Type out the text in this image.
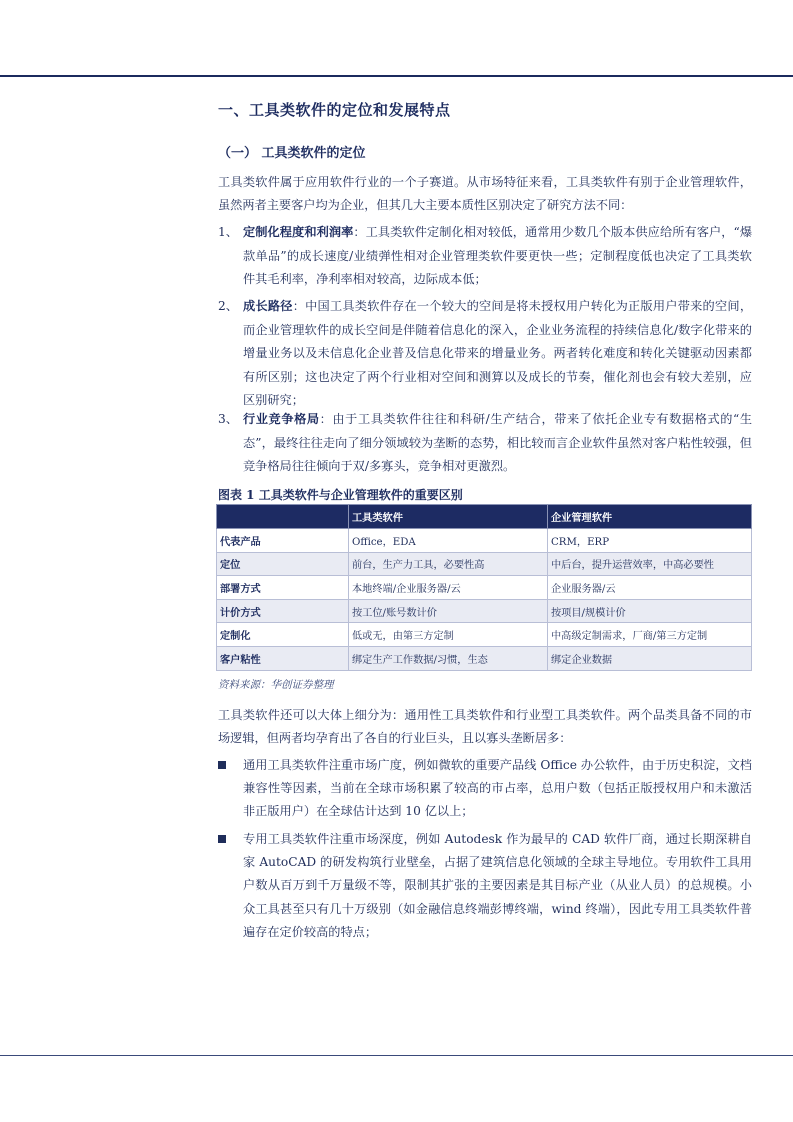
一、工具类软件的定位和发展特点
（一） 工具类软件的定位
工具类软件属于应用软件行业的一个子赛道。从市场特征来看，工具类软件有别于企业管理软件，虽然两者主要客户均为企业，但其几大主要本质性区别决定了研究方法不同：
1、 定制化程度和利润率：工具类软件定制化相对较低，通常用少数几个版本供应给所有客户，“爆款单品”的成长速度/业绩弹性相对企业管理类软件要更快一些；定制程度低也决定了工具类软件其毛利率，净利率相对较高，边际成本低；
2、 成长路径：中国工具类软件存在一个较大的空间是将未授权用户转化为正版用户带来的空间，而企业管理软件的成长空间是伴随着信息化的深入，企业业务流程的持续信息化/数字化带来的增量业务以及未信息化企业普及信息化带来的增量业务。两者转化难度和转化关键驱动因素都有所区别；这也决定了两个行业相对空间和测算以及成长的节奏，催化剂也会有较大差别，应区别研究；
3、 行业竞争格局：由于工具类软件往往和科研/生产结合，带来了依托企业专有数据格式的“生态”，最终往往走向了细分领域较为垄断的态势，相比较而言企业软件虽然对客户粘性较强，但竞争格局往往倾向于双/多寡头，竞争相对更激烈。
图表 1 工具类软件与企业管理软件的重要区别
	工具类软件	企业管理软件
代表产品	Office，EDA	CRM，ERP
定位	前台，生产力工具，必要性高	中后台，提升运营效率，中高必要性
部署方式	本地终端/企业服务器/云	企业服务器/云
计价方式	按工位/账号数计价	按项目/规模计价
定制化	低或无，由第三方定制	中高级定制需求，厂商/第三方定制
客户粘性	绑定生产工作数据/习惯，生态	绑定企业数据
资料来源：华创证券整理
工具类软件还可以大体上细分为：通用性工具类软件和行业型工具类软件。两个品类具备不同的市场逻辑，但两者均孕育出了各自的行业巨头，且以寡头垄断居多：
通用工具类软件注重市场广度，例如微软的重要产品线 Office 办公软件，由于历史积淀，文档兼容性等因素，当前在全球市场积累了较高的市占率，总用户数（包括正版授权用户和未激活非正版用户）在全球估计达到 10 亿以上；
专用工具类软件注重市场深度，例如 Autodesk 作为最早的 CAD 软件厂商，通过长期深耕自家 AutoCAD 的研发构筑行业壁垒，占据了建筑信息化领域的全球主导地位。专用软件工具用户数从百万到千万量级不等，限制其扩张的主要因素是其目标产业（从业人员）的总规模。小众工具甚至只有几十万级别（如金融信息终端彭博终端，wind 终端），因此专用工具类软件普遍存在定价较高的特点；
